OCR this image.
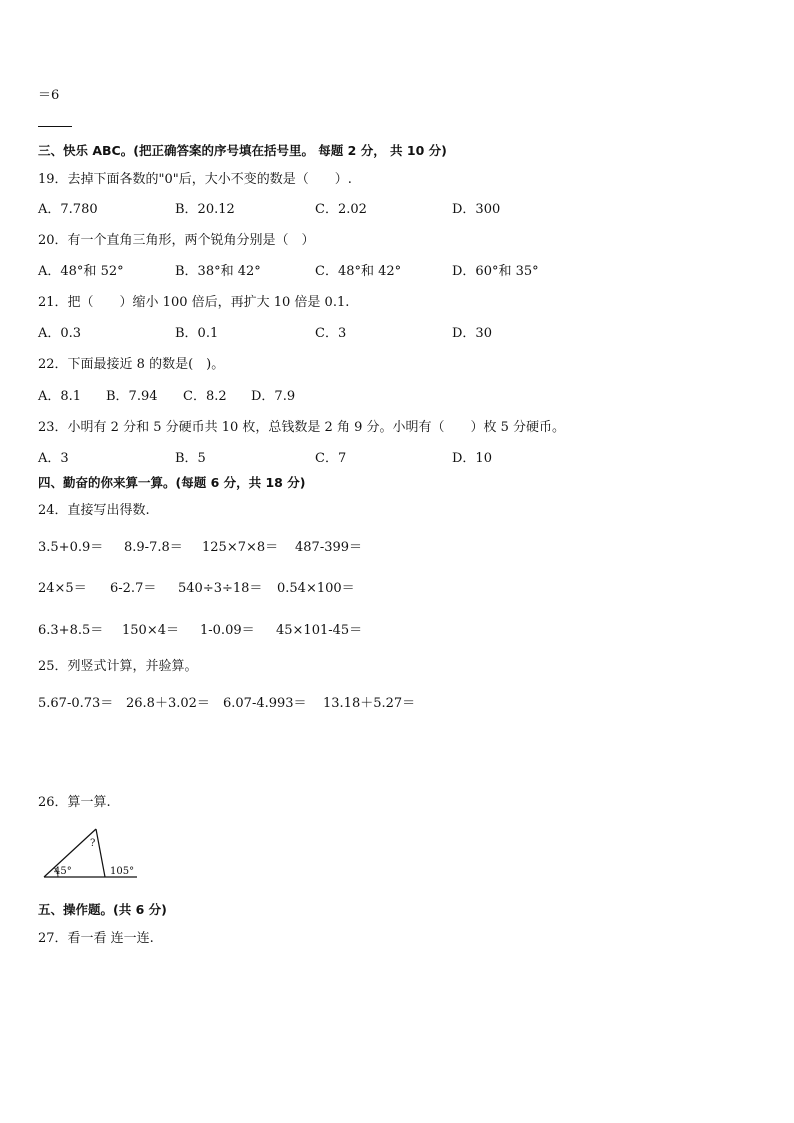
＝6
三、快乐 ABC。(把正确答案的序号填在括号里。 每题 2 分， 共 10 分)
19．去掉下面各数的"0"后，大小不变的数是（　　）.
A．7.780	B．20.12	C．2.02	D．300
20．有一个直角三角形，两个锐角分别是（　）
A．48°和 52°	B．38°和 42°	C．48°和 42°	D．60°和 35°
21．把（　　）缩小 100 倍后，再扩大 10 倍是 0.1.
A．0.3	B．0.1	C．3	D．30
22．下面最接近 8 的数是(　)。
A．8.1 B．7.94 C．8.2 D．7.9
23．小明有 2 分和 5 分硬币共 10 枚，总钱数是 2 角 9 分。小明有（　　）枚 5 分硬币。
A．3	B．5	C．7	D．10
四、勤奋的你来算一算。(每题 6 分，共 18 分)
24．直接写出得数.
3.5+0.9＝ 8.9-7.8＝ 125×7×8＝ 487-399＝
24×5＝ 6-2.7＝ 540÷3÷18＝ 0.54×100＝
6.3+8.5＝ 150×4＝ 1-0.09＝ 45×101-45＝
25．列竖式计算，并验算。
5.67-0.73＝ 26.8＋3.02＝ 6.07-4.993＝ 13.18＋5.27＝
26．算一算.
45°
?
105°
五、操作题。(共 6 分)
27．看一看 连一连.
